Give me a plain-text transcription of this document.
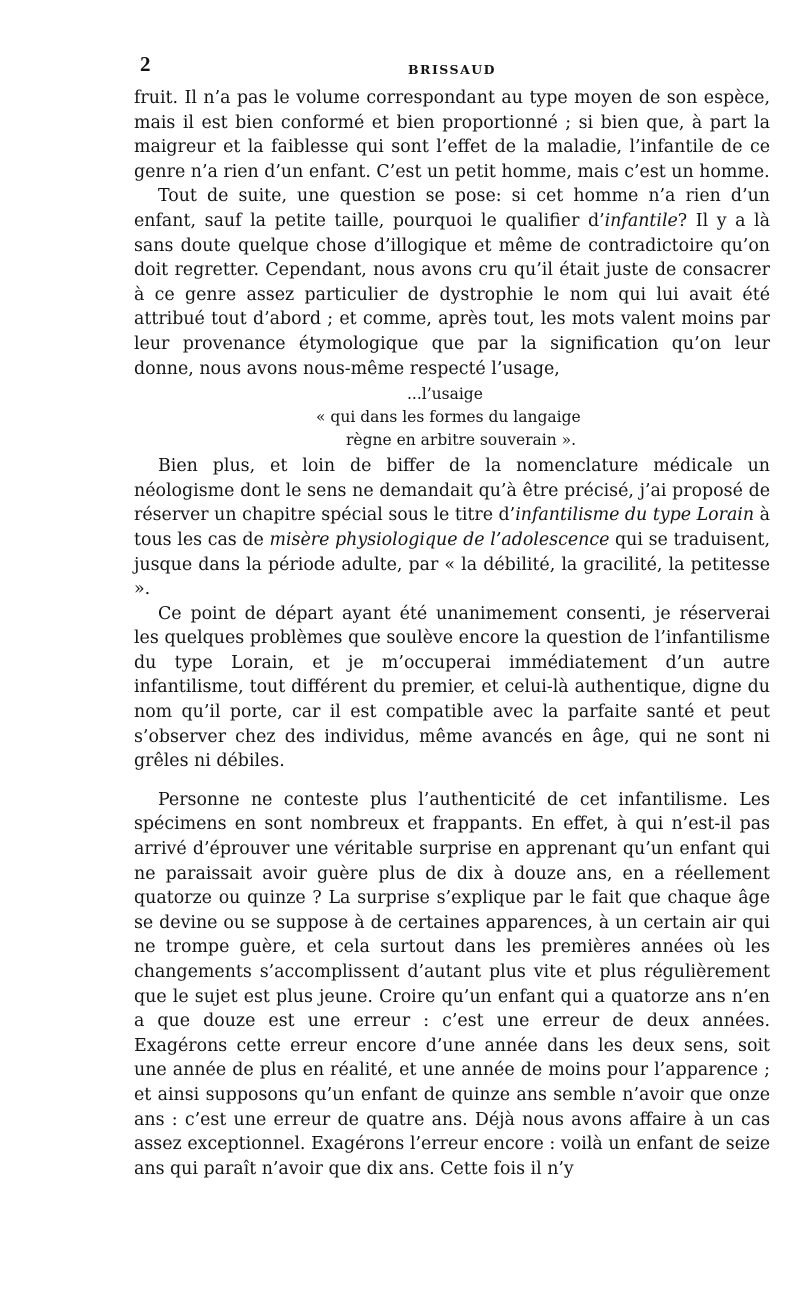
2	BRISSAUD

fruit. Il n’a pas le volume correspondant au type moyen de son espèce, mais il est bien conformé et bien proportionné ; si bien que, à part la maigreur et la faiblesse qui sont l’effet de la maladie, l’infantile de ce genre n’a rien d’un enfant. C’est un petit homme, mais c’est un homme.

Tout de suite, une question se pose: si cet homme n’a rien d’un enfant, sauf la petite taille, pourquoi le qualifier d’infantile? Il y a là sans doute quelque chose d’illogique et même de contradictoire qu’on doit regretter. Cependant, nous avons cru qu’il était juste de consacrer à ce genre assez particulier de dystrophie le nom qui lui avait été attribué tout d’abord ; et comme, après tout, les mots valent moins par leur provenance étymologique que par la signification qu’on leur donne, nous avons nous-même respecté l’usage,

...l’usaige
« qui dans les formes du langaige
règne en arbitre souverain ».

Bien plus, et loin de biffer de la nomenclature médicale un néologisme dont le sens ne demandait qu’à être précisé, j’ai proposé de réserver un chapitre spécial sous le titre d’infantilisme du type Lorain à tous les cas de misère physiologique de l’adolescence qui se traduisent, jusque dans la période adulte, par « la débilité, la gracilité, la petitesse ».

Ce point de départ ayant été unanimement consenti, je réserverai les quelques problèmes que soulève encore la question de l’infantilisme du type Lorain, et je m’occuperai immédiatement d’un autre infantilisme, tout différent du premier, et celui-là authentique, digne du nom qu’il porte, car il est compatible avec la parfaite santé et peut s’observer chez des individus, même avancés en âge, qui ne sont ni grêles ni débiles.

Personne ne conteste plus l’authenticité de cet infantilisme. Les spécimens en sont nombreux et frappants. En effet, à qui n’est-il pas arrivé d’éprouver une véritable surprise en apprenant qu’un enfant qui ne paraissait avoir guère plus de dix à douze ans, en a réellement quatorze ou quinze ? La surprise s’explique par le fait que chaque âge se devine ou se suppose à de certaines apparences, à un certain air qui ne trompe guère, et cela surtout dans les premières années où les changements s’accomplissent d’autant plus vite et plus régulièrement que le sujet est plus jeune. Croire qu’un enfant qui a quatorze ans n’en a que douze est une erreur : c’est une erreur de deux années. Exagérons cette erreur encore d’une année dans les deux sens, soit une année de plus en réalité, et une année de moins pour l’apparence ; et ainsi supposons qu’un enfant de quinze ans semble n’avoir que onze ans : c’est une erreur de quatre ans. Déjà nous avons affaire à un cas assez exceptionnel. Exagérons l’erreur encore : voilà un enfant de seize ans qui paraît n’avoir que dix ans. Cette fois il n’y
